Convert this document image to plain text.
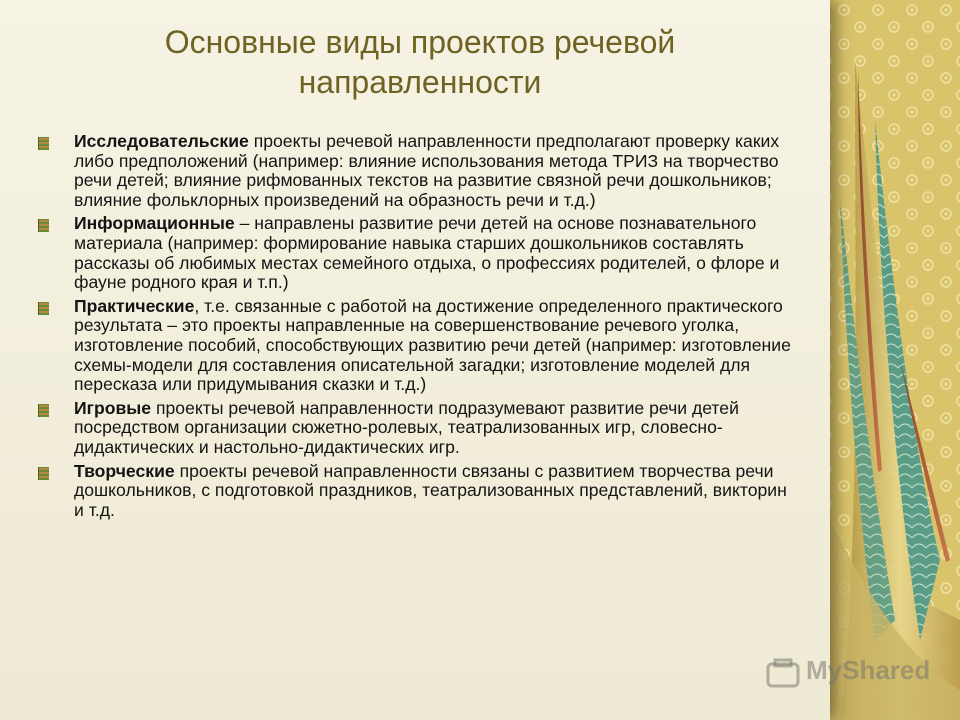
Основные виды проектов речевой направленности
Исследовательские проекты речевой направленности предполагают проверку каких либо предположений (например: влияние использования метода ТРИЗ на творчество речи детей; влияние рифмованных текстов на развитие связной речи дошкольников; влияние фольклорных произведений на образность речи и т.д.)
Информационные – направлены развитие речи детей на основе познавательного материала (например: формирование навыка старших дошкольников составлять рассказы об любимых местах семейного отдыха, о профессиях родителей, о флоре и фауне родного края и т.п.)
Практические, т.е. связанные с работой на достижение определенного практического результата – это проекты направленные на совершенствование речевого уголка, изготовление пособий, способствующих развитию речи детей (например: изготовление схемы-модели для составления описательной загадки; изготовление моделей для пересказа или придумывания сказки и т.д.)
Игровые проекты речевой направленности подразумевают развитие речи детей посредством организации сюжетно-ролевых, театрализованных игр, словесно-дидактических и настольно-дидактических игр.
Творческие проекты речевой направленности связаны с развитием творчества речи дошкольников, с подготовкой праздников, театрализованных представлений, викторин и т.д.
MyShared
